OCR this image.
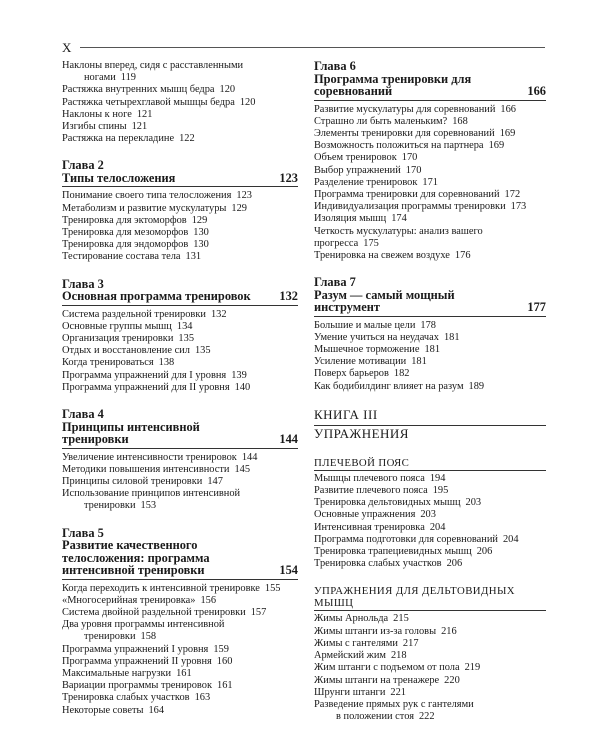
X
Наклоны вперед, сидя с расставленными
ногами 119
Растяжка внутренних мышц бедра 120
Растяжка четырехглавой мышцы бедра 120
Наклоны к ноге 121
Изгибы спины 121
Растяжка на перекладине 122
Глава 2
Типы телосложения	123
Понимание своего типа телосложения 123
Метаболизм и развитие мускулатуры 129
Тренировка для эктоморфов 129
Тренировка для мезоморфов 130
Тренировка для эндоморфов 130
Тестирование состава тела 131
Глава 3
Основная программа тренировок	132
Система раздельной тренировки 132
Основные группы мышц 134
Организация тренировки 135
Отдых и восстановление сил 135
Когда тренироваться 138
Программа упражнений для I уровня 139
Программа упражнений для II уровня 140
Глава 4
Принципы интенсивной тренировки	144
Увеличение интенсивности тренировок 144
Методики повышения интенсивности 145
Принципы силовой тренировки 147
Использование принципов интенсивной
тренировки 153
Глава 5
Развитие качественного телосложения: программа интенсивной тренировки	154
Когда переходить к интенсивной тренировке 155
«Многосерийная тренировка» 156
Система двойной раздельной тренировки 157
Два уровня программы интенсивной
тренировки 158
Программа упражнений I уровня 159
Программа упражнений II уровня 160
Максимальные нагрузки 161
Вариации программы тренировок 161
Тренировка слабых участков 163
Некоторые советы 164
Глава 6
Программа тренировки для соревнований	166
Развитие мускулатуры для соревнований 166
Страшно ли быть маленьким? 168
Элементы тренировки для соревнований 169
Возможность положиться на партнера 169
Объем тренировок 170
Выбор упражнений 170
Разделение тренировок 171
Программа тренировки для соревнований 172
Индивидуализация программы тренировки 173
Изоляция мышц 174
Четкость мускулатуры: анализ вашего прогресса 175
Тренировка на свежем воздухе 176
Глава 7
Разум — самый мощный инструмент	177
Большие и малые цели 178
Умение учиться на неудачах 181
Мышечное торможение 181
Усиление мотивации 181
Поверх барьеров 182
Как бодибилдинг влияет на разум 189
КНИГА III
УПРАЖНЕНИЯ
ПЛЕЧЕВОЙ ПОЯС
Мышцы плечевого пояса 194
Развитие плечевого пояса 195
Тренировка дельтовидных мышц 203
Основные упражнения 203
Интенсивная тренировка 204
Программа подготовки для соревнований 204
Тренировка трапециевидных мышц 206
Тренировка слабых участков 206
УПРАЖНЕНИЯ ДЛЯ ДЕЛЬТОВИДНЫХ МЫШЦ
Жимы Арнольда 215
Жимы штанги из-за головы 216
Жимы с гантелями 217
Армейский жим 218
Жим штанги с подъемом от пола 219
Жимы штанги на тренажере 220
Шрунги штанги 221
Разведение прямых рук с гантелями
в положении стоя 222
